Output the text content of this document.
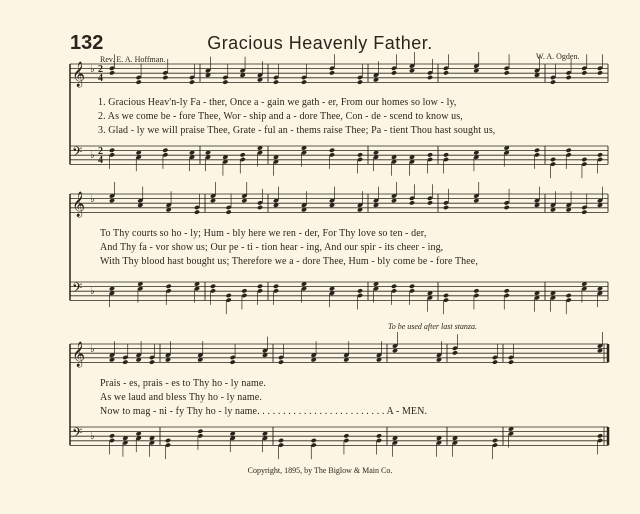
𝄞
𝄢
♭
♭
2
2
4
4
𝄞
𝄢
♭
♭
𝄞
𝄢
♭
♭
132	Gracious Heavenly Father.
Rev. E. A. Hoffman.	W. A. Ogden.
1. Gracious Heav'n-ly Fa - ther, Once a - gain we gath - er, From our homes so low - ly,
2. As we come be - fore Thee, Wor - ship and a - dore Thee, Con - de - scend to know us,
3. Glad - ly we will praise Thee, Grate - ful an - thems raise Thee; Pa - tient Thou hast sought us,
To Thy courts so ho - ly; Hum - bly here we ren - der, For Thy love so ten - der,
And Thy fa - vor show us; Our pe - ti - tion hear - ing, And our spir - its cheer - ing,
With Thy blood hast bought us; Therefore we a - dore Thee, Hum - bly come be - fore Thee,
Prais - es, prais - es to Thy ho - ly name.
As we laud and bless Thy ho - ly name.
Now to mag - ni - fy Thy ho - ly name. . . . . . . . . . . . . . . . . . . . . . . . . A - MEN.
To be used after last stanza.
Copyright, 1895, by The Biglow & Main Co.
